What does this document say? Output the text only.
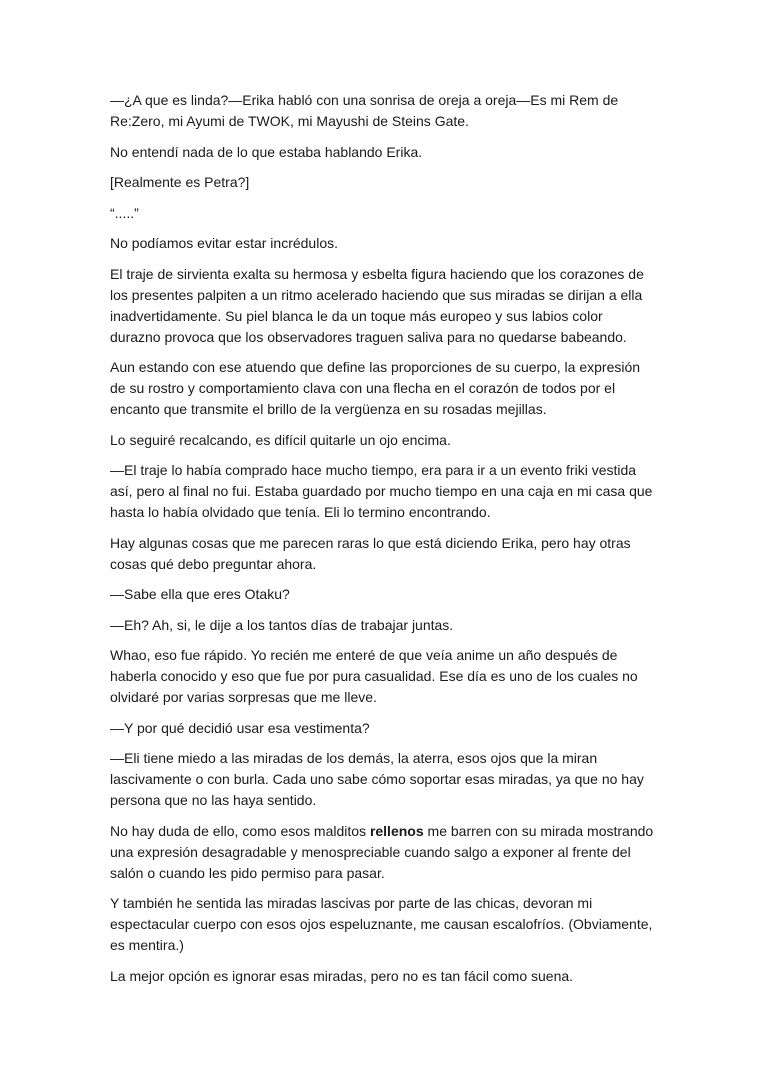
—¿A que es linda?—Erika habló con una sonrisa de oreja a oreja—Es mi Rem de Re:Zero, mi Ayumi de TWOK, mi Mayushi de Steins Gate.

No entendí nada de lo que estaba hablando Erika.

[Realmente es Petra?]

“.....”

No podíamos evitar estar incrédulos.

El traje de sirvienta exalta su hermosa y esbelta figura haciendo que los corazones de los presentes palpiten a un ritmo acelerado haciendo que sus miradas se dirijan a ella inadvertidamente. Su piel blanca le da un toque más europeo y sus labios color durazno provoca que los observadores traguen saliva para no quedarse babeando.

Aun estando con ese atuendo que define las proporciones de su cuerpo, la expresión de su rostro y comportamiento clava con una flecha en el corazón de todos por el encanto que transmite el brillo de la vergüenza en su rosadas mejillas.

Lo seguiré recalcando, es difícil quitarle un ojo encima.

—El traje lo había comprado hace mucho tiempo, era para ir a un evento friki vestida así, pero al final no fui. Estaba guardado por mucho tiempo en una caja en mi casa que hasta lo había olvidado que tenía. Eli lo termino encontrando.

Hay algunas cosas que me parecen raras lo que está diciendo Erika, pero hay otras cosas qué debo preguntar ahora.

—Sabe ella que eres Otaku?

—Eh? Ah, si, le dije a los tantos días de trabajar juntas.

Whao, eso fue rápido. Yo recién me enteré de que veía anime un año después de haberla conocido y eso que fue por pura casualidad. Ese día es uno de los cuales no olvidaré por varias sorpresas que me lleve.

—Y por qué decidió usar esa vestimenta?

—Eli tiene miedo a las miradas de los demás, la aterra, esos ojos que la miran lascivamente o con burla. Cada uno sabe cómo soportar esas miradas, ya que no hay persona que no las haya sentido.

No hay duda de ello, como esos malditos rellenos me barren con su mirada mostrando una expresión desagradable y menospreciable cuando salgo a exponer al frente del salón o cuando les pido permiso para pasar.

Y también he sentida las miradas lascivas por parte de las chicas, devoran mi espectacular cuerpo con esos ojos espeluznante, me causan escalofríos. (Obviamente, es mentira.)

La mejor opción es ignorar esas miradas, pero no es tan fácil como suena.
